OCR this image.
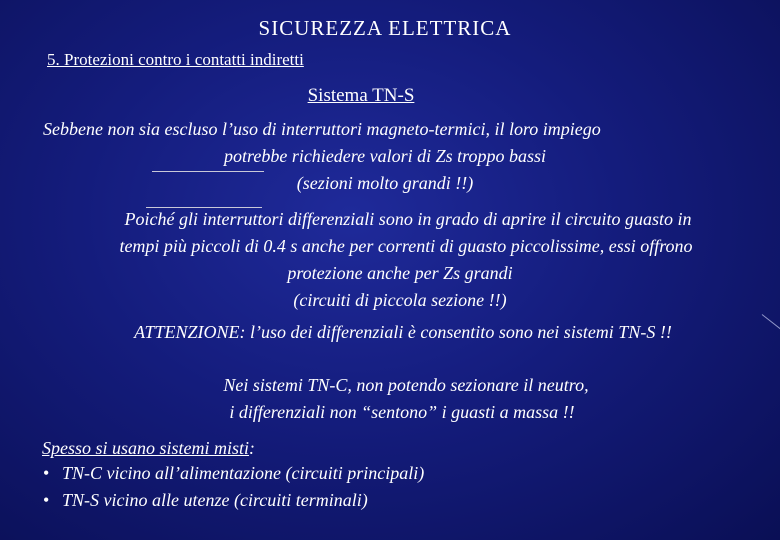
SICUREZZA ELETTRICA
5. Protezioni contro i contatti indiretti
Sistema TN-S
Sebbene non sia escluso l’uso di interruttori magneto-termici, il loro impiego
potrebbe richiedere valori di Zs troppo bassi
(sezioni molto grandi !!)
Poiché gli interruttori differenziali sono in grado di aprire il circuito guasto in
tempi più piccoli di 0.4 s anche per correnti di guasto piccolissime, essi offrono
protezione anche per Zs grandi
(circuiti di piccola sezione !!)
ATTENZIONE: l’uso dei differenziali è consentito sono nei sistemi TN-S !!
Nei sistemi TN-C, non potendo sezionare il neutro,
i differenziali non “sentono” i guasti a massa !!
Spesso si usano sistemi misti:
• TN-C vicino all’alimentazione (circuiti principali)
• TN-S vicino alle utenze (circuiti terminali)
